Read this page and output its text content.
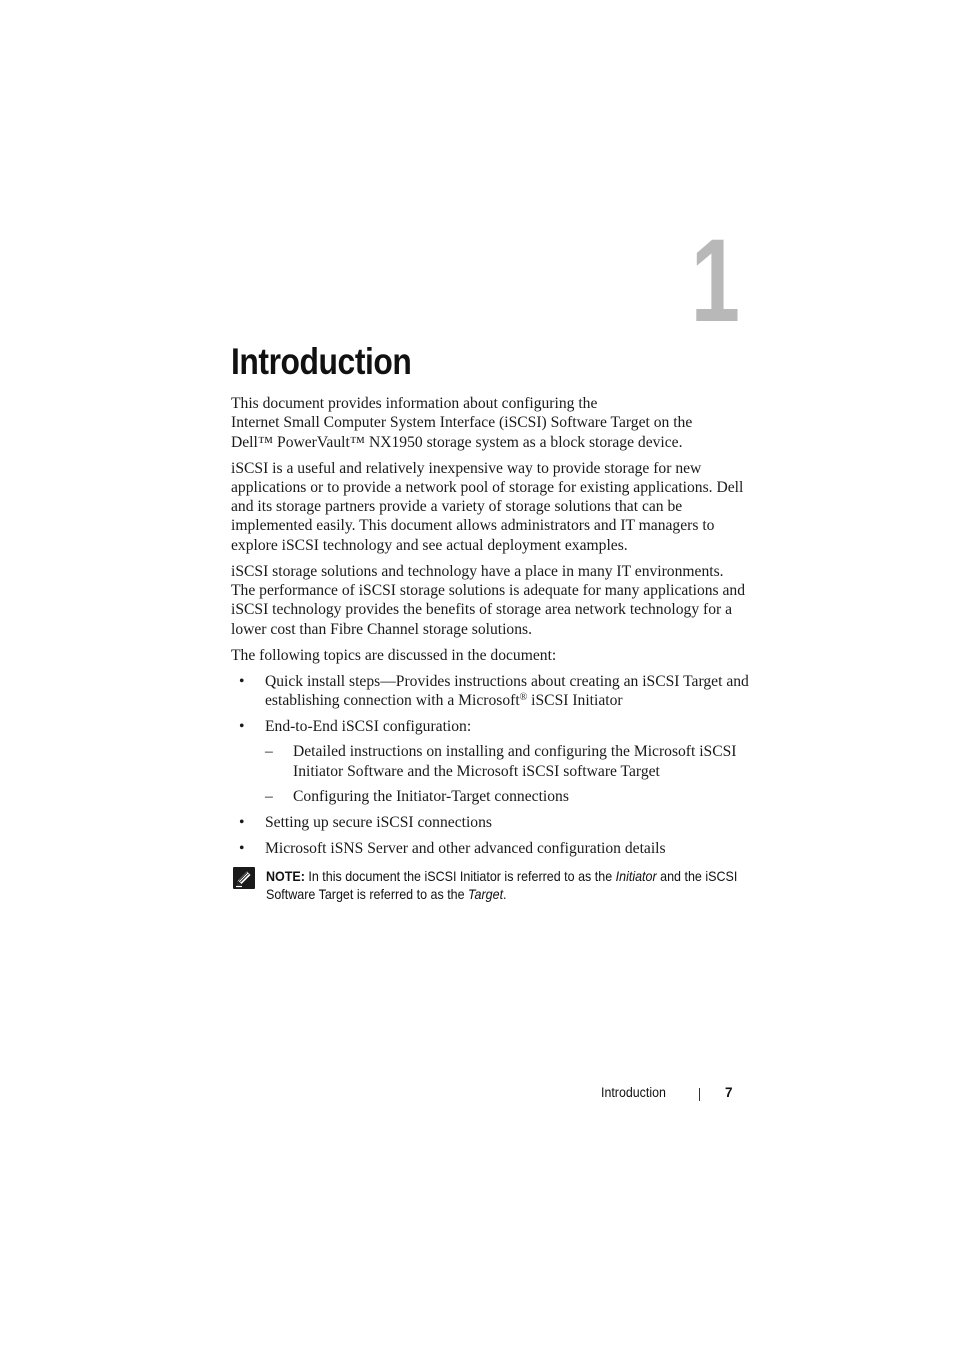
1
Introduction

This document provides information about configuring the
Internet Small Computer System Interface (iSCSI) Software Target on the
Dell™ PowerVault™ NX1950 storage system as a block storage device.

iSCSI is a useful and relatively inexpensive way to provide storage for new applications or to provide a network pool of storage for existing applications. Dell and its storage partners provide a variety of storage solutions that can be implemented easily. This document allows administrators and IT managers to explore iSCSI technology and see actual deployment examples.

iSCSI storage solutions and technology have a place in many IT environments. The performance of iSCSI storage solutions is adequate for many applications and iSCSI technology provides the benefits of storage area network technology for a lower cost than Fibre Channel storage solutions.

The following topics are discussed in the document:

• Quick install steps—Provides instructions about creating an iSCSI Target and establishing connection with a Microsoft® iSCSI Initiator
• End-to-End iSCSI configuration:
– Detailed instructions on installing and configuring the Microsoft iSCSI Initiator Software and the Microsoft iSCSI software Target
– Configuring the Initiator-Target connections
• Setting up secure iSCSI connections
• Microsoft iSNS Server and other advanced configuration details
NOTE: In this document the iSCSI Initiator is referred to as the Initiator and the iSCSI Software Target is referred to as the Target.
Introduction	7
